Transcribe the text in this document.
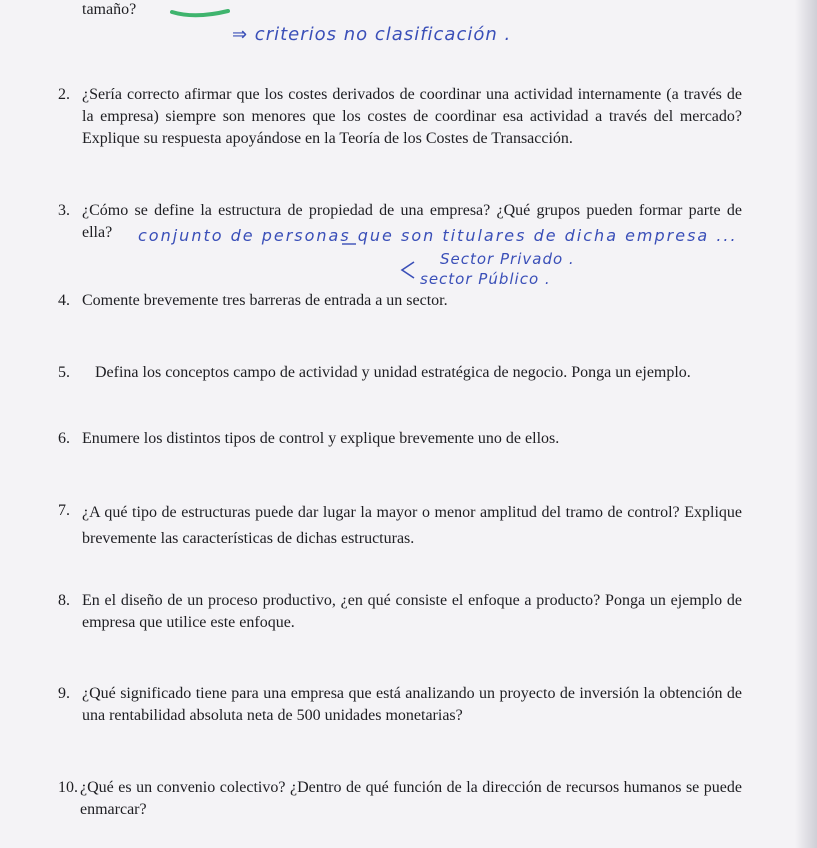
tamaño?
⇒ criterios no clasificación .
2. ¿Sería correcto afirmar que los costes derivados de coordinar una actividad internamente (a través de la empresa) siempre son menores que los costes de coordinar esa actividad a través del mercado? Explique su respuesta apoyándose en la Teoría de los Costes de Transacción.
3. ¿Cómo se define la estructura de propiedad de una empresa? ¿Qué grupos pueden formar parte de ella?	conjunto de personas que son titulares de dicha empresa ...
Sector Privado .
sector Público .
4. Comente brevemente tres barreras de entrada a un sector.
5. Defina los conceptos campo de actividad y unidad estratégica de negocio. Ponga un ejemplo.
6. Enumere los distintos tipos de control y explique brevemente uno de ellos.
7. ¿A qué tipo de estructuras puede dar lugar la mayor o menor amplitud del tramo de control? Explique brevemente las características de dichas estructuras.
8. En el diseño de un proceso productivo, ¿en qué consiste el enfoque a producto? Ponga un ejemplo de empresa que utilice este enfoque.
9. ¿Qué significado tiene para una empresa que está analizando un proyecto de inversión la obtención de una rentabilidad absoluta neta de 500 unidades monetarias?
10. ¿Qué es un convenio colectivo? ¿Dentro de qué función de la dirección de recursos humanos se puede enmarcar?
